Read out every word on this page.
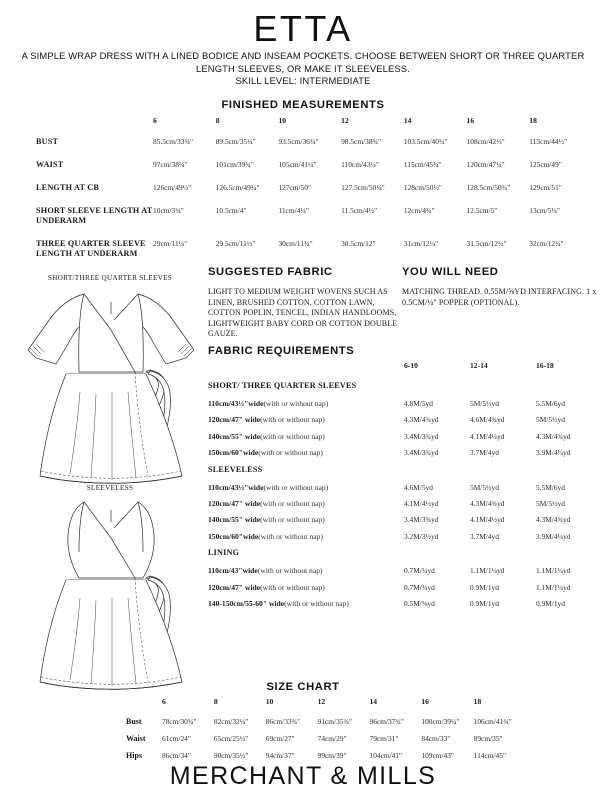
ETTA
A SIMPLE WRAP DRESS WITH A LINED BODICE AND INSEAM POCKETS. CHOOSE BETWEEN SHORT OR THREE QUARTER LENGTH SLEEVES, OR MAKE IT SLEEVELESS.
SKILL LEVEL: INTERMEDIATE
FINISHED MEASUREMENTS
	6	8	10	12	14	16	18
BUST	85.5cm/33¾"	89.5cm/35¼"	93.5cm/36¾"	98.5cm/38¾"	103.5cm/40¾"	108cm/42½"	113cm/44½"
WAIST	97cm/38¼"	101cm/39¾"	105cm/41¼"	110cm/43¼"	115cm/45¼"	120cm/47¼"	125cm/49"
LENGTH AT CB	126cm/49½"	126.5cm/49¾"	127cm/50"	127.5cm/50¼"	128cm/50½"	128.5cm/50¾"	129cm/51"
SHORT SLEEVE LENGTH AT UNDERARM	10cm/3¾"	10.5cm/4"	11cm/4¼"	11.5cm/4½"	12cm/4¾"	12.5cm/5"	13cm/5¼"
THREE QUARTER SLEEVE LENGTH AT UNDERARM	29cm/11¼"	29.5cm/11½"	30cm/11¾"	30.5cm/12"	31cm/12¼"	31.5cm/12½"	32cm/12¾"
SUGGESTED FABRIC
LIGHT TO MEDIUM WEIGHT WOVENS SUCH AS LINEN, BRUSHED COTTON, COTTON LAWN, COTTON POPLIN, TENCEL, INDIAN HANDLOOMS, LIGHTWEIGHT BABY CORD OR COTTON DOUBLE GAUZE.
YOU WILL NEED
MATCHING THREAD. 0.55M/⅝YD INTERFACING. 1 x 0.5CM/¼" POPPER (OPTIONAL).
FABRIC REQUIREMENTS
	6-10	12-14	16-18
SHORT/ THREE QUARTER SLEEVES			
110cm/43½"wide(with or without nap)	4.8M/5yd	5M/5½yd	5.5M/6yd
120cm/47" wide(with or without nap)	4.3M/4¾yd	4.6M/4¾yd	5M/5½yd
140cm/55" wide(with or without nap)	3.4M/3¾yd	4.1M/4½yd	4.3M/4¾yd
150cm/60"wide(with or without nap)	3.4M/3¾yd	3.7M/4yd	3.9M/4¼yd
SLEEVELESS			
110cm/43½"wide(with or without nap)	4.6M/5yd	5M/5½yd	5.5M/6yd
120cm/47" wide(with or without nap)	4.1M/4½yd	4.3M/4¾yd	5M/5½yd
140cm/55" wide(with or without nap)	3.4M/3¾yd	4.1M/4½yd	4.3M/4¾yd
150cm/60"wide(with or without nap)	3.2M/3½yd	3.7M/4yd	3.9M/4¼yd
LINING			
110cm/43"wide(with or without nap)	0.7M/¾yd	1.1M/1¼yd	1.1M/1¼yd
120cm/47" wide(with or without nap)	0.7M/¾yd	0.9M/1yd	1.1M/1¼yd
140-150cm/55-60" wide(with or without nap)	0.5M/⅝yd	0.9M/1yd	0.9M/1yd
SHORT/THREE QUARTER SLEEVES
SLEEVELESS
SIZE CHART
	6	8	10	12	14	16	18
Bust	78cm/30¾"	82cm/32¼"	86cm/33¾"	91cm/35¾"	96cm/37¾"	100cm/39¼"	106cm/41¾"
Waist	61cm/24"	65cm/25½"	69cm/27"	74cm/29"	79cm/31"	84cm/33"	89cm/35"
Hips	86cm/34"	90cm/35½"	94cm/37"	99cm/39"	104cm/41"	109cm/43"	114cm/45"
MERCHANT & MILLS
